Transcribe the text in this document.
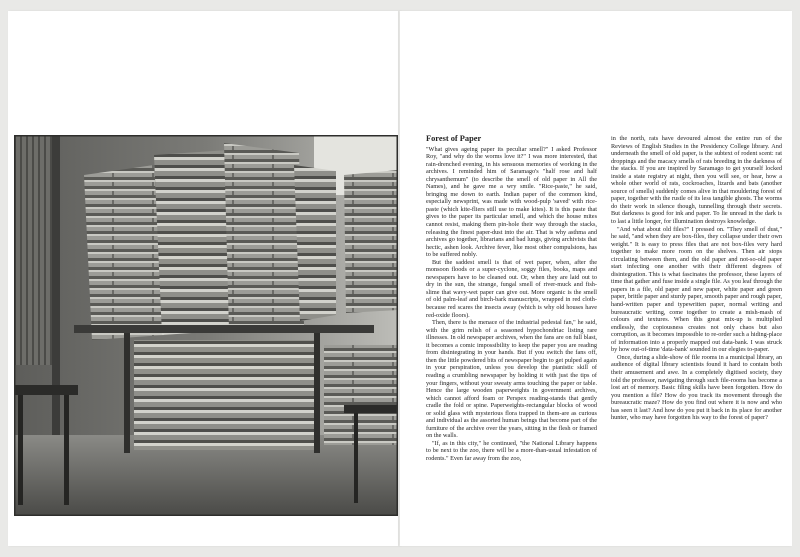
Forest of Paper

"What gives ageing paper its peculiar smell?" I asked Professor Roy, "and why do the worms love it?" I was more interested, that rain-drenched evening, in his sensuous memories of working in the archives. I reminded him of Saramago's "half rose and half chrysanthemum" (to describe the smell of old paper in All the Names), and he gave me a wry smile. "Rice-paste," he said, bringing me down to earth. Indian paper of the common kind, especially newsprint, was made with wood-pulp 'saved' with rice-paste (which kite-fliers still use to make kites). It is this paste that gives to the paper its particular smell, and which the house mites cannot resist, making them pin-hole their way through the stacks, releasing the finest paper-dust into the air. That is why asthma and archives go together, librarians and bad lungs, giving archivists that hectic, ashen look. Archive fever, like most other compulsions, has to be suffered nobly.

But the saddest smell is that of wet paper, when, after the monsoon floods or a super-cyclone, soggy files, books, maps and newspapers have to be cleaned out. Or, when they are laid out to dry in the sun, the strange, fungal smell of river-muck and fish-slime that wavy-wet paper can give out. More organic is the smell of old palm-leaf and birch-bark manuscripts, wrapped in red cloth-because red scares the insects away (which is why old houses have red-oxide floors).

Then, there is the menace of the industrial pedestal fan," he said, with the grim relish of a seasoned hypochondriac listing rare illnesses. In old newspaper archives, when the fans are on full blast, it becomes a comic impossibility to keep the paper you are reading from disintegrating in your hands. But if you switch the fans off, then the little powdered bits of newspaper begin to get pulped again in your perspiration, unless you develop the pianistic skill of reading a crumbling newspaper by holding it with just the tips of your fingers, without your sweaty arms touching the paper or table. Hence the large wooden paperweights in government archives, which cannot afford foam or Perspex reading-stands that gently cradle the fold or spine. Paperweights-rectangular blocks of wood or solid glass with mysterious flora trapped in them-are as curious and individual as the assorted human beings that become part of the furniture of the archive over the years, sitting in the flesh or framed on the walls.

"If, as in this city," he continued, "the National Library happens to be next to the zoo, there will be a more-than-usual infestation of rodents." Even far away from the zoo,

in the north, rats have devoured almost the entire run of the Reviews of English Studies in the Presidency College library. And underneath the smell of old paper, is the subtext of rodent scent: rat droppings and the macacy smells of rats breeding in the darkness of the stacks. If you are inspired by Saramago to get yourself locked inside a state registry at night, then you will see, or hear, how a whole other world of rats, cockroaches, lizards and bats (another source of smells) suddenly comes alive in that mouldering forest of paper, together with the rustle of its less tangible ghosts. The worms do their work in silence though, tunnelling through their secrets. But darkness is good for ink and paper. To lie unread in the dark is to last a little longer, for illumination destroys knowledge.

"And what about old files?" I pressed on. "They smell of dust," he said, "and when they are box-files, they collapse under their own weight." It is easy to press files that are not box-files very hard together to make more room on the shelves. Then air stops circulating between them, and the old paper and not-so-old paper start infecting one another with their different degrees of disintegration. This is what fascinates the professor, these layers of time that gather and fuse inside a single file. As you leaf through the papers in a file, old paper and new paper, white paper and green paper, brittle paper and sturdy paper, smooth paper and rough paper, hand-written paper and typewritten paper, normal writing and bureaucratic writing, come together to create a mish-mash of colours and textures. When this great mix-up is multiplied endlessly, the copiousness creates not only chaos but also corruption, as it becomes impossible to re-order such a hiding-place of information into a properly mapped out data-bank. I was struck by how out-of-time 'data-bank' sounded in our elegies to-paper.

Once, during a slide-show of file rooms in a municipal library, an audience of digital library scientists found it hard to contain both their amusement and awe. In a completely digitised society, they told the professor, navigating through such file-rooms has become a lost art of memory. Basic filing skills have been forgotten. How do you mention a file? How do you track its movement through the bureaucratic maze? How do you find out where it is now and who has seen it last? And how do you put it back in its place for another hunter, who may have forgotten his way to the forest of paper?
